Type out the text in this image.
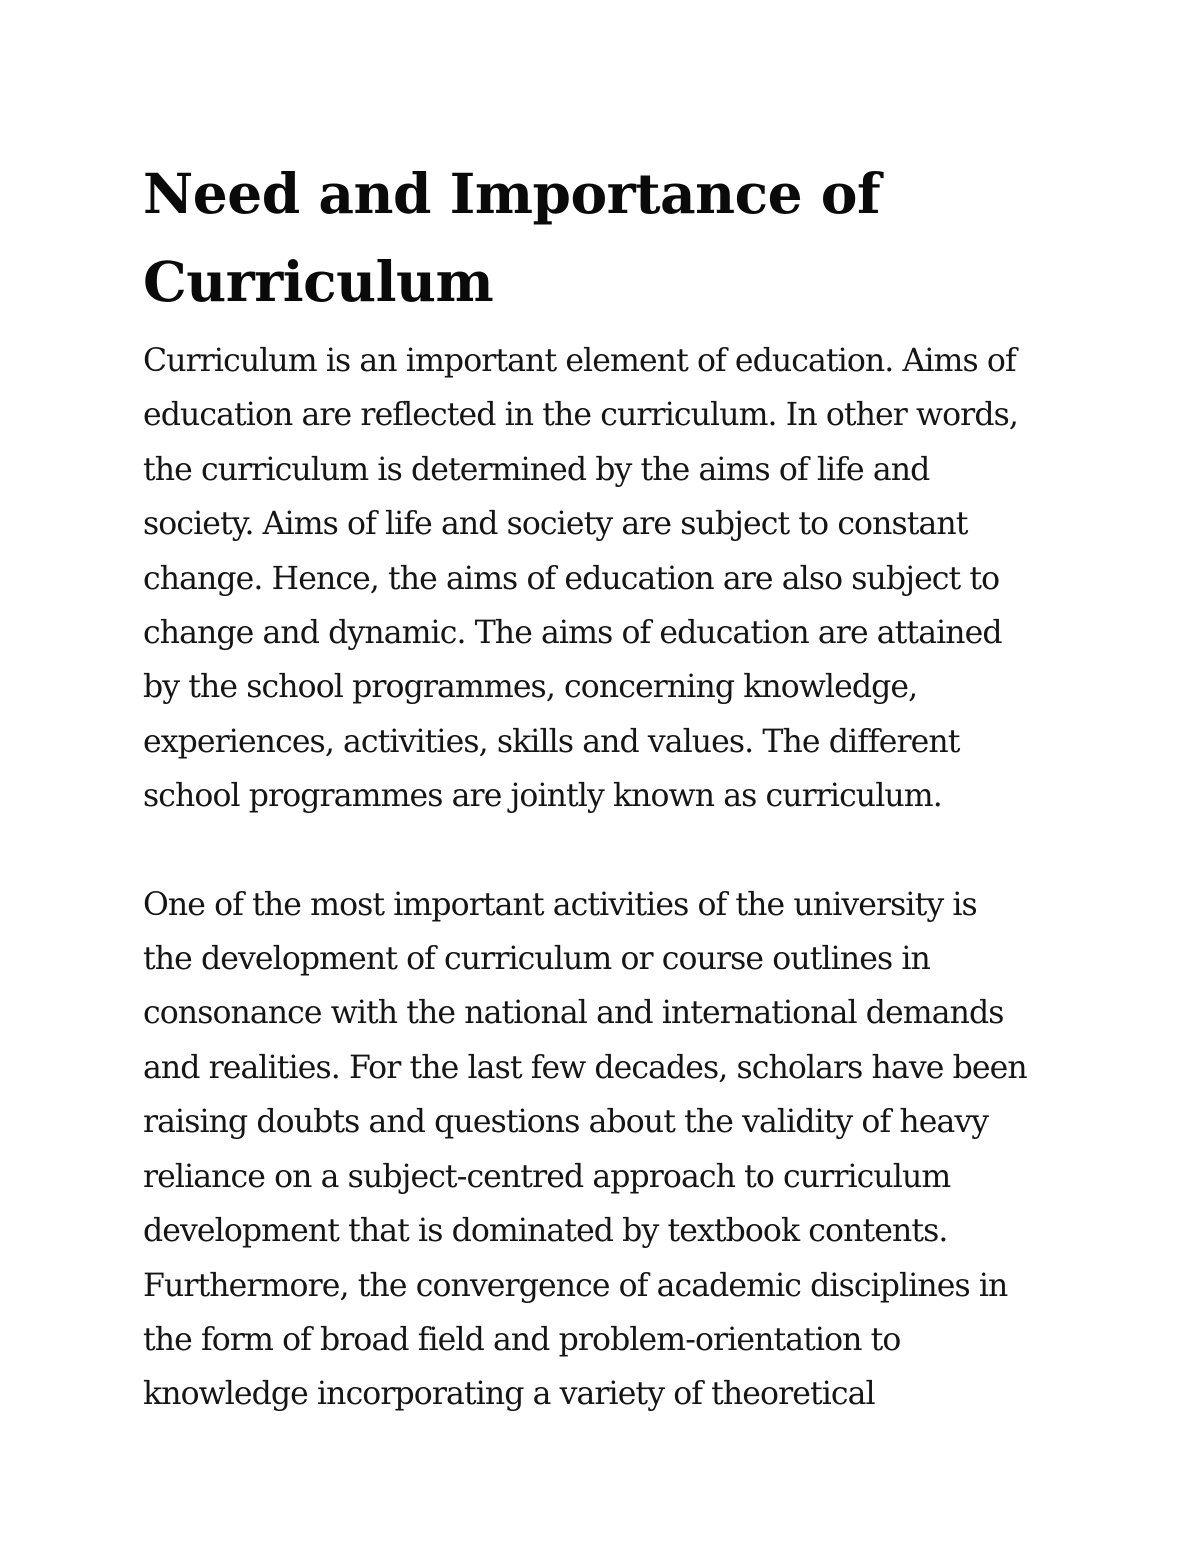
Need and Importance of
Curriculum

Curriculum is an important element of education. Aims of
education are reflected in the curriculum. In other words,
the curriculum is determined by the aims of life and
society. Aims of life and society are subject to constant
change. Hence, the aims of education are also subject to
change and dynamic. The aims of education are attained
by the school programmes, concerning knowledge,
experiences, activities, skills and values. The different
school programmes are jointly known as curriculum.

One of the most important activities of the university is
the development of curriculum or course outlines in
consonance with the national and international demands
and realities. For the last few decades, scholars have been
raising doubts and questions about the validity of heavy
reliance on a subject-centred approach to curriculum
development that is dominated by textbook contents.
Furthermore, the convergence of academic disciplines in
the form of broad field and problem-orientation to
knowledge incorporating a variety of theoretical
